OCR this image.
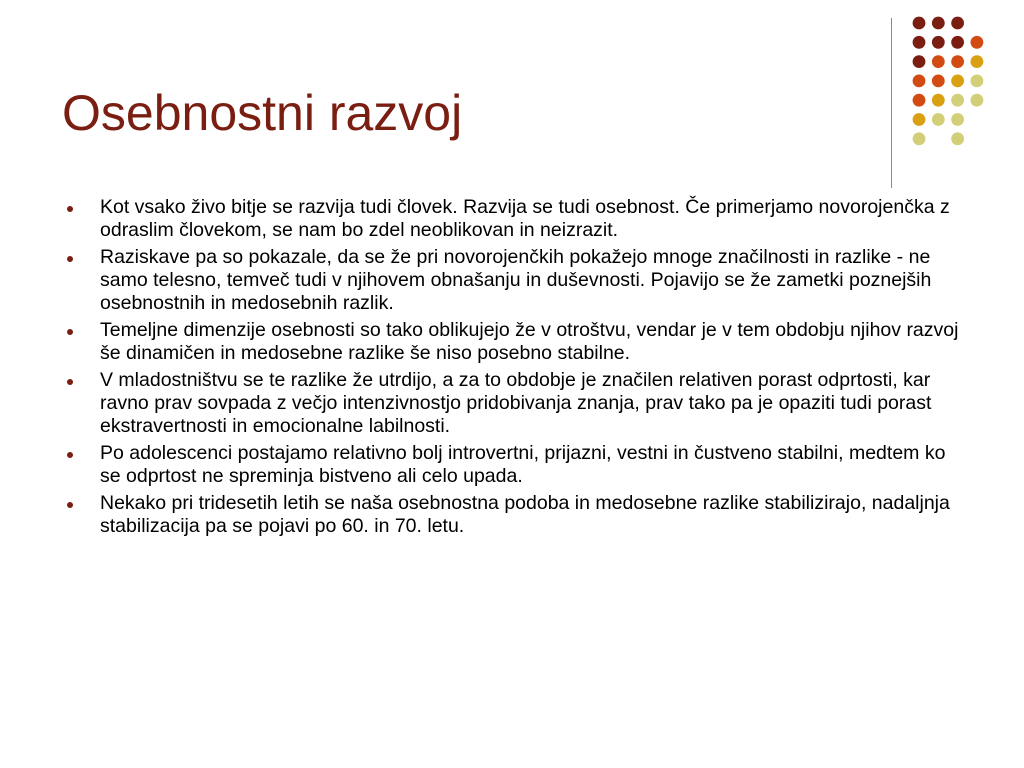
Osebnostni razvoj
Kot vsako živo bitje se razvija tudi človek. Razvija se tudi osebnost. Če primerjamo novorojenčka z odraslim človekom, se nam bo zdel neoblikovan in neizrazit.
Raziskave pa so pokazale, da se že pri novorojenčkih pokažejo mnoge značilnosti in razlike - ne samo telesno, temveč tudi v njihovem obnašanju in duševnosti. Pojavijo se že zametki poznejših osebnostnih in medosebnih razlik.
Temeljne dimenzije osebnosti so tako oblikujejo že v otroštvu, vendar je v tem obdobju njihov razvoj še dinamičen in medosebne razlike še niso posebno stabilne.
V mladostništvu se te razlike že utrdijo, a za to obdobje je značilen relativen porast odprtosti, kar ravno prav sovpada z večjo intenzivnostjo pridobivanja znanja, prav tako pa je opaziti tudi porast ekstravertnosti in emocionalne labilnosti.
Po adolescenci postajamo relativno bolj introvertni, prijazni, vestni in čustveno stabilni, medtem ko se odprtost ne spreminja bistveno ali celo upada.
Nekako pri tridesetih letih se naša osebnostna podoba in medosebne razlike stabilizirajo, nadaljnja stabilizacija pa se pojavi po 60. in 70. letu.
